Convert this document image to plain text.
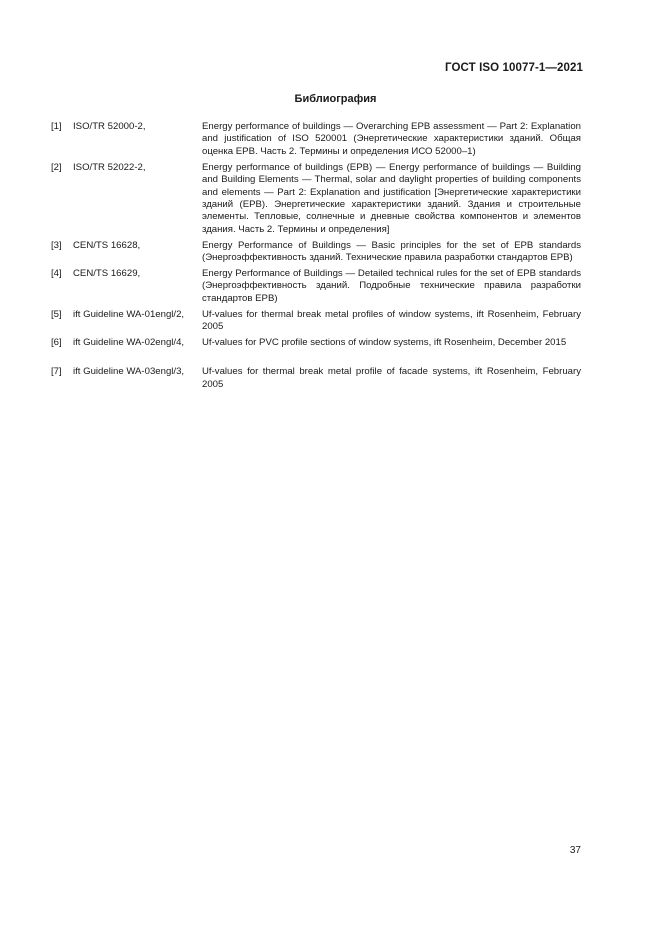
ГОСТ ISO 10077-1—2021
Библиография
[1]	ISO/TR 52000-2,	Energy performance of buildings — Overarching EPB assessment — Part 2: Explanation and justification of ISO 520001 (Энергетические характеристики зданий. Общая оценка EPB. Часть 2. Термины и определения ИСО 52000–1)
[2]	ISO/TR 52022-2,	Energy performance of buildings (EPB) — Energy performance of buildings — Building and Building Elements — Thermal, solar and daylight properties of building components and elements — Part 2: Explanation and justification [Энергетические характеристики зданий (EPB). Энергетические характеристики зданий. Здания и строительные элементы. Тепловые, солнечные и дневные свойства компонентов и элементов здания. Часть 2. Термины и определения]
[3]	CEN/TS 16628,	Energy Performance of Buildings — Basic principles for the set of EPB standards (Энергоэффективность зданий. Технические правила разработки стандартов EPB)
[4]	CEN/TS 16629,	Energy Performance of Buildings — Detailed technical rules for the set of EPB standards (Энергоэффективность зданий. Подробные технические правила разработки стандартов EPB)
[5]	ift Guideline WA-01engl/2,	Uf-values for thermal break metal profiles of window systems, ift Rosenheim, February 2005
[6]	ift Guideline WA-02engl/4,	Uf-values for PVC profile sections of window systems, ift Rosenheim, December 2015
[7]	ift Guideline WA-03engl/3,	Uf-values for thermal break metal profile of facade systems, ift Rosenheim, February 2005
37
